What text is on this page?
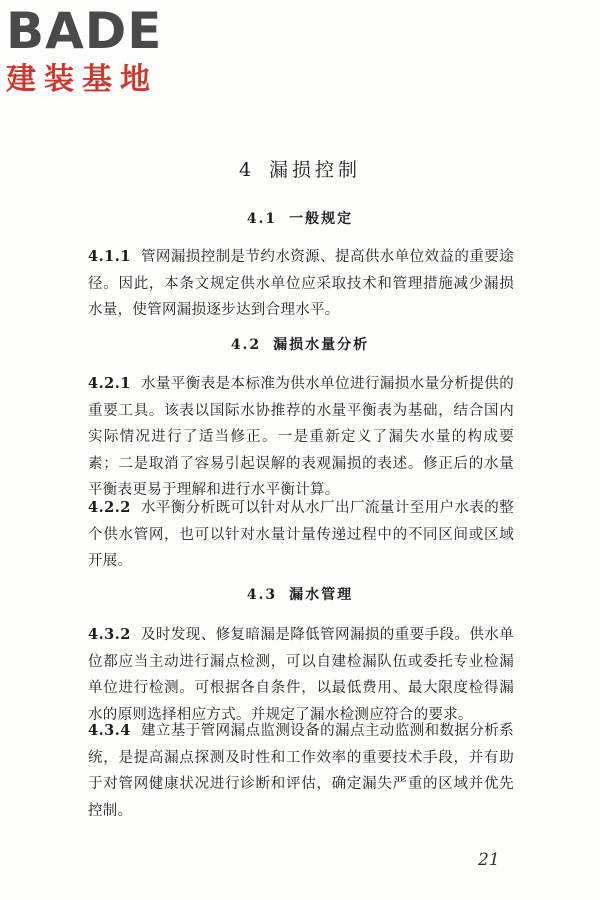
BADE
建装基地
4 漏损控制
4.1 一般规定
4.1.1 管网漏损控制是节约水资源、提高供水单位效益的重要途径。因此，本条文规定供水单位应采取技术和管理措施减少漏损水量，使管网漏损逐步达到合理水平。
4.2 漏损水量分析
4.2.1 水量平衡表是本标准为供水单位进行漏损水量分析提供的重要工具。该表以国际水协推荐的水量平衡表为基础，结合国内实际情况进行了适当修正。一是重新定义了漏失水量的构成要素；二是取消了容易引起误解的表观漏损的表述。修正后的水量平衡表更易于理解和进行水平衡计算。
4.2.2 水平衡分析既可以针对从水厂出厂流量计至用户水表的整个供水管网，也可以针对水量计量传递过程中的不同区间或区域开展。
4.3 漏水管理
4.3.2 及时发现、修复暗漏是降低管网漏损的重要手段。供水单位都应当主动进行漏点检测，可以自建检漏队伍或委托专业检漏单位进行检测。可根据各自条件，以最低费用、最大限度检得漏水的原则选择相应方式。并规定了漏水检测应符合的要求。
4.3.4 建立基于管网漏点监测设备的漏点主动监测和数据分析系统，是提高漏点探测及时性和工作效率的重要技术手段，并有助于对管网健康状况进行诊断和评估，确定漏失严重的区域并优先控制。
21
